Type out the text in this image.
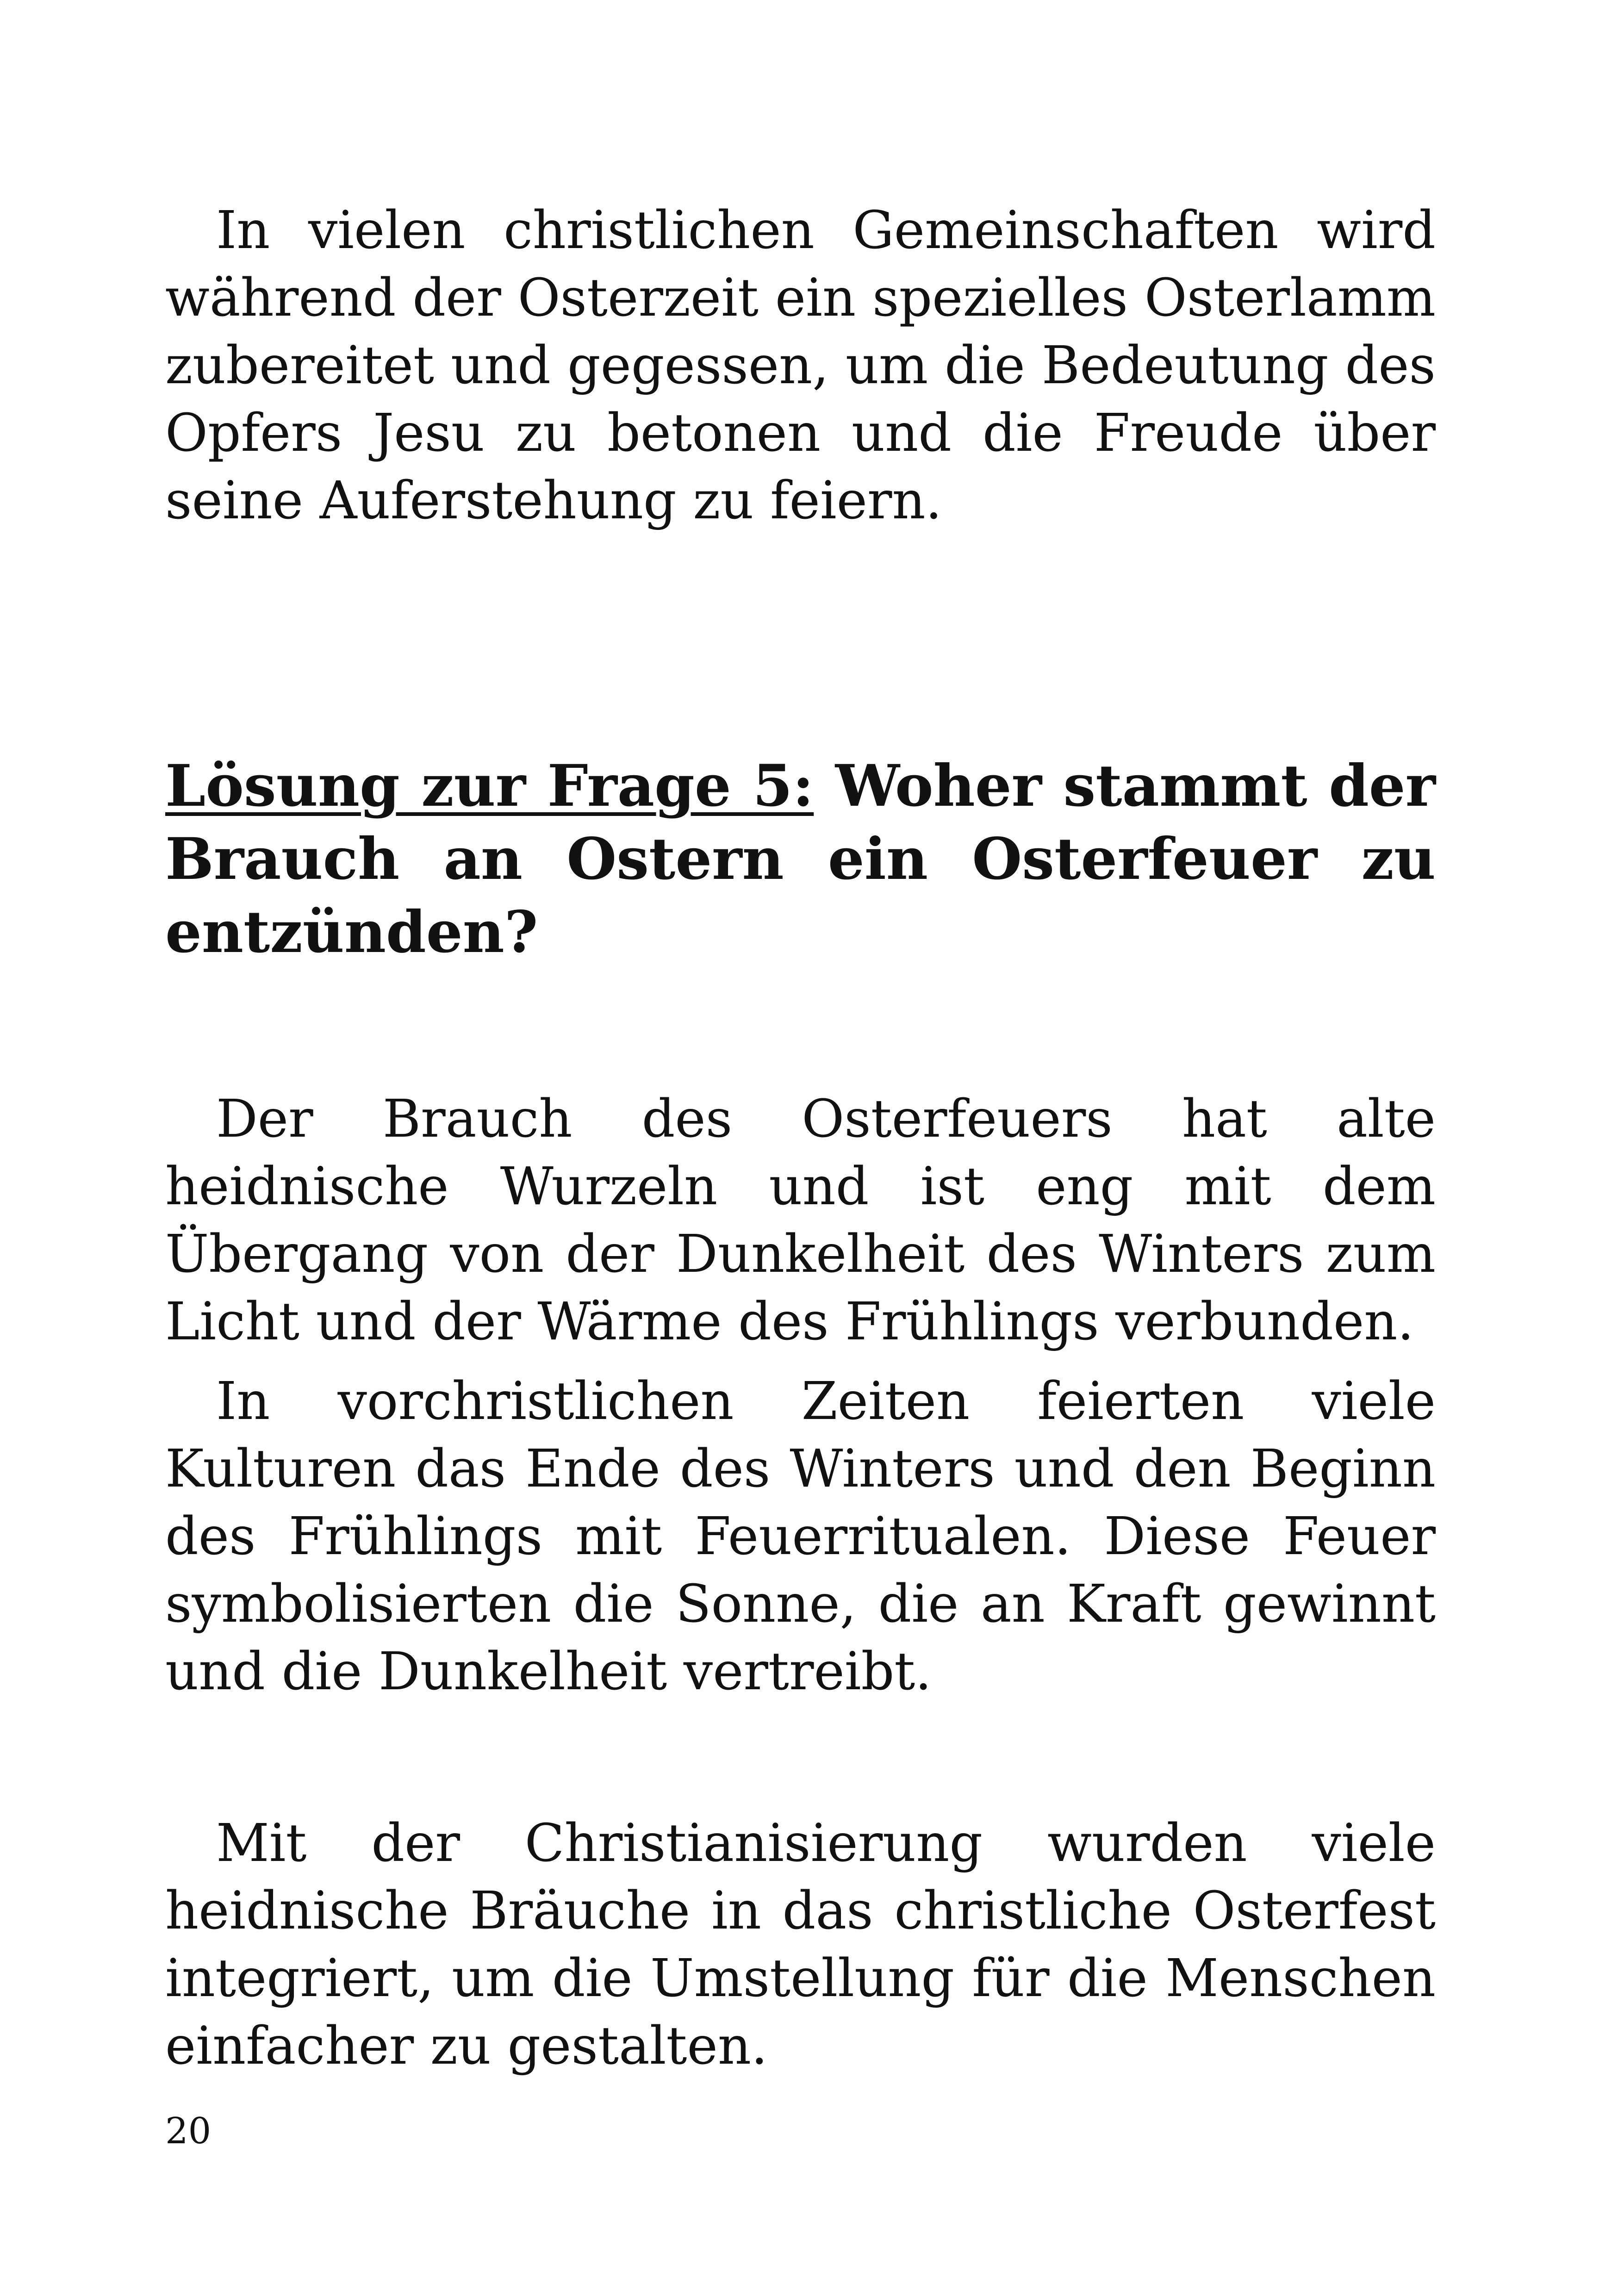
In vielen christlichen Gemeinschaften wird während der Osterzeit ein spezielles Osterlamm zubereitet und gegessen, um die Bedeutung des Opfers Jesu zu betonen und die Freude über seine Auferstehung zu feiern.

Lösung zur Frage 5: Woher stammt der Brauch an Ostern ein Osterfeuer zu entzünden?

Der Brauch des Osterfeuers hat alte heidnische Wurzeln und ist eng mit dem Übergang von der Dunkelheit des Winters zum Licht und der Wärme des Frühlings verbunden.

In vorchristlichen Zeiten feierten viele Kulturen das Ende des Winters und den Beginn des Frühlings mit Feuerritualen. Diese Feuer symbolisierten die Sonne, die an Kraft gewinnt und die Dunkelheit vertreibt.

Mit der Christianisierung wurden viele heidnische Bräuche in das christliche Osterfest integriert, um die Umstellung für die Menschen einfacher zu gestalten.

20
